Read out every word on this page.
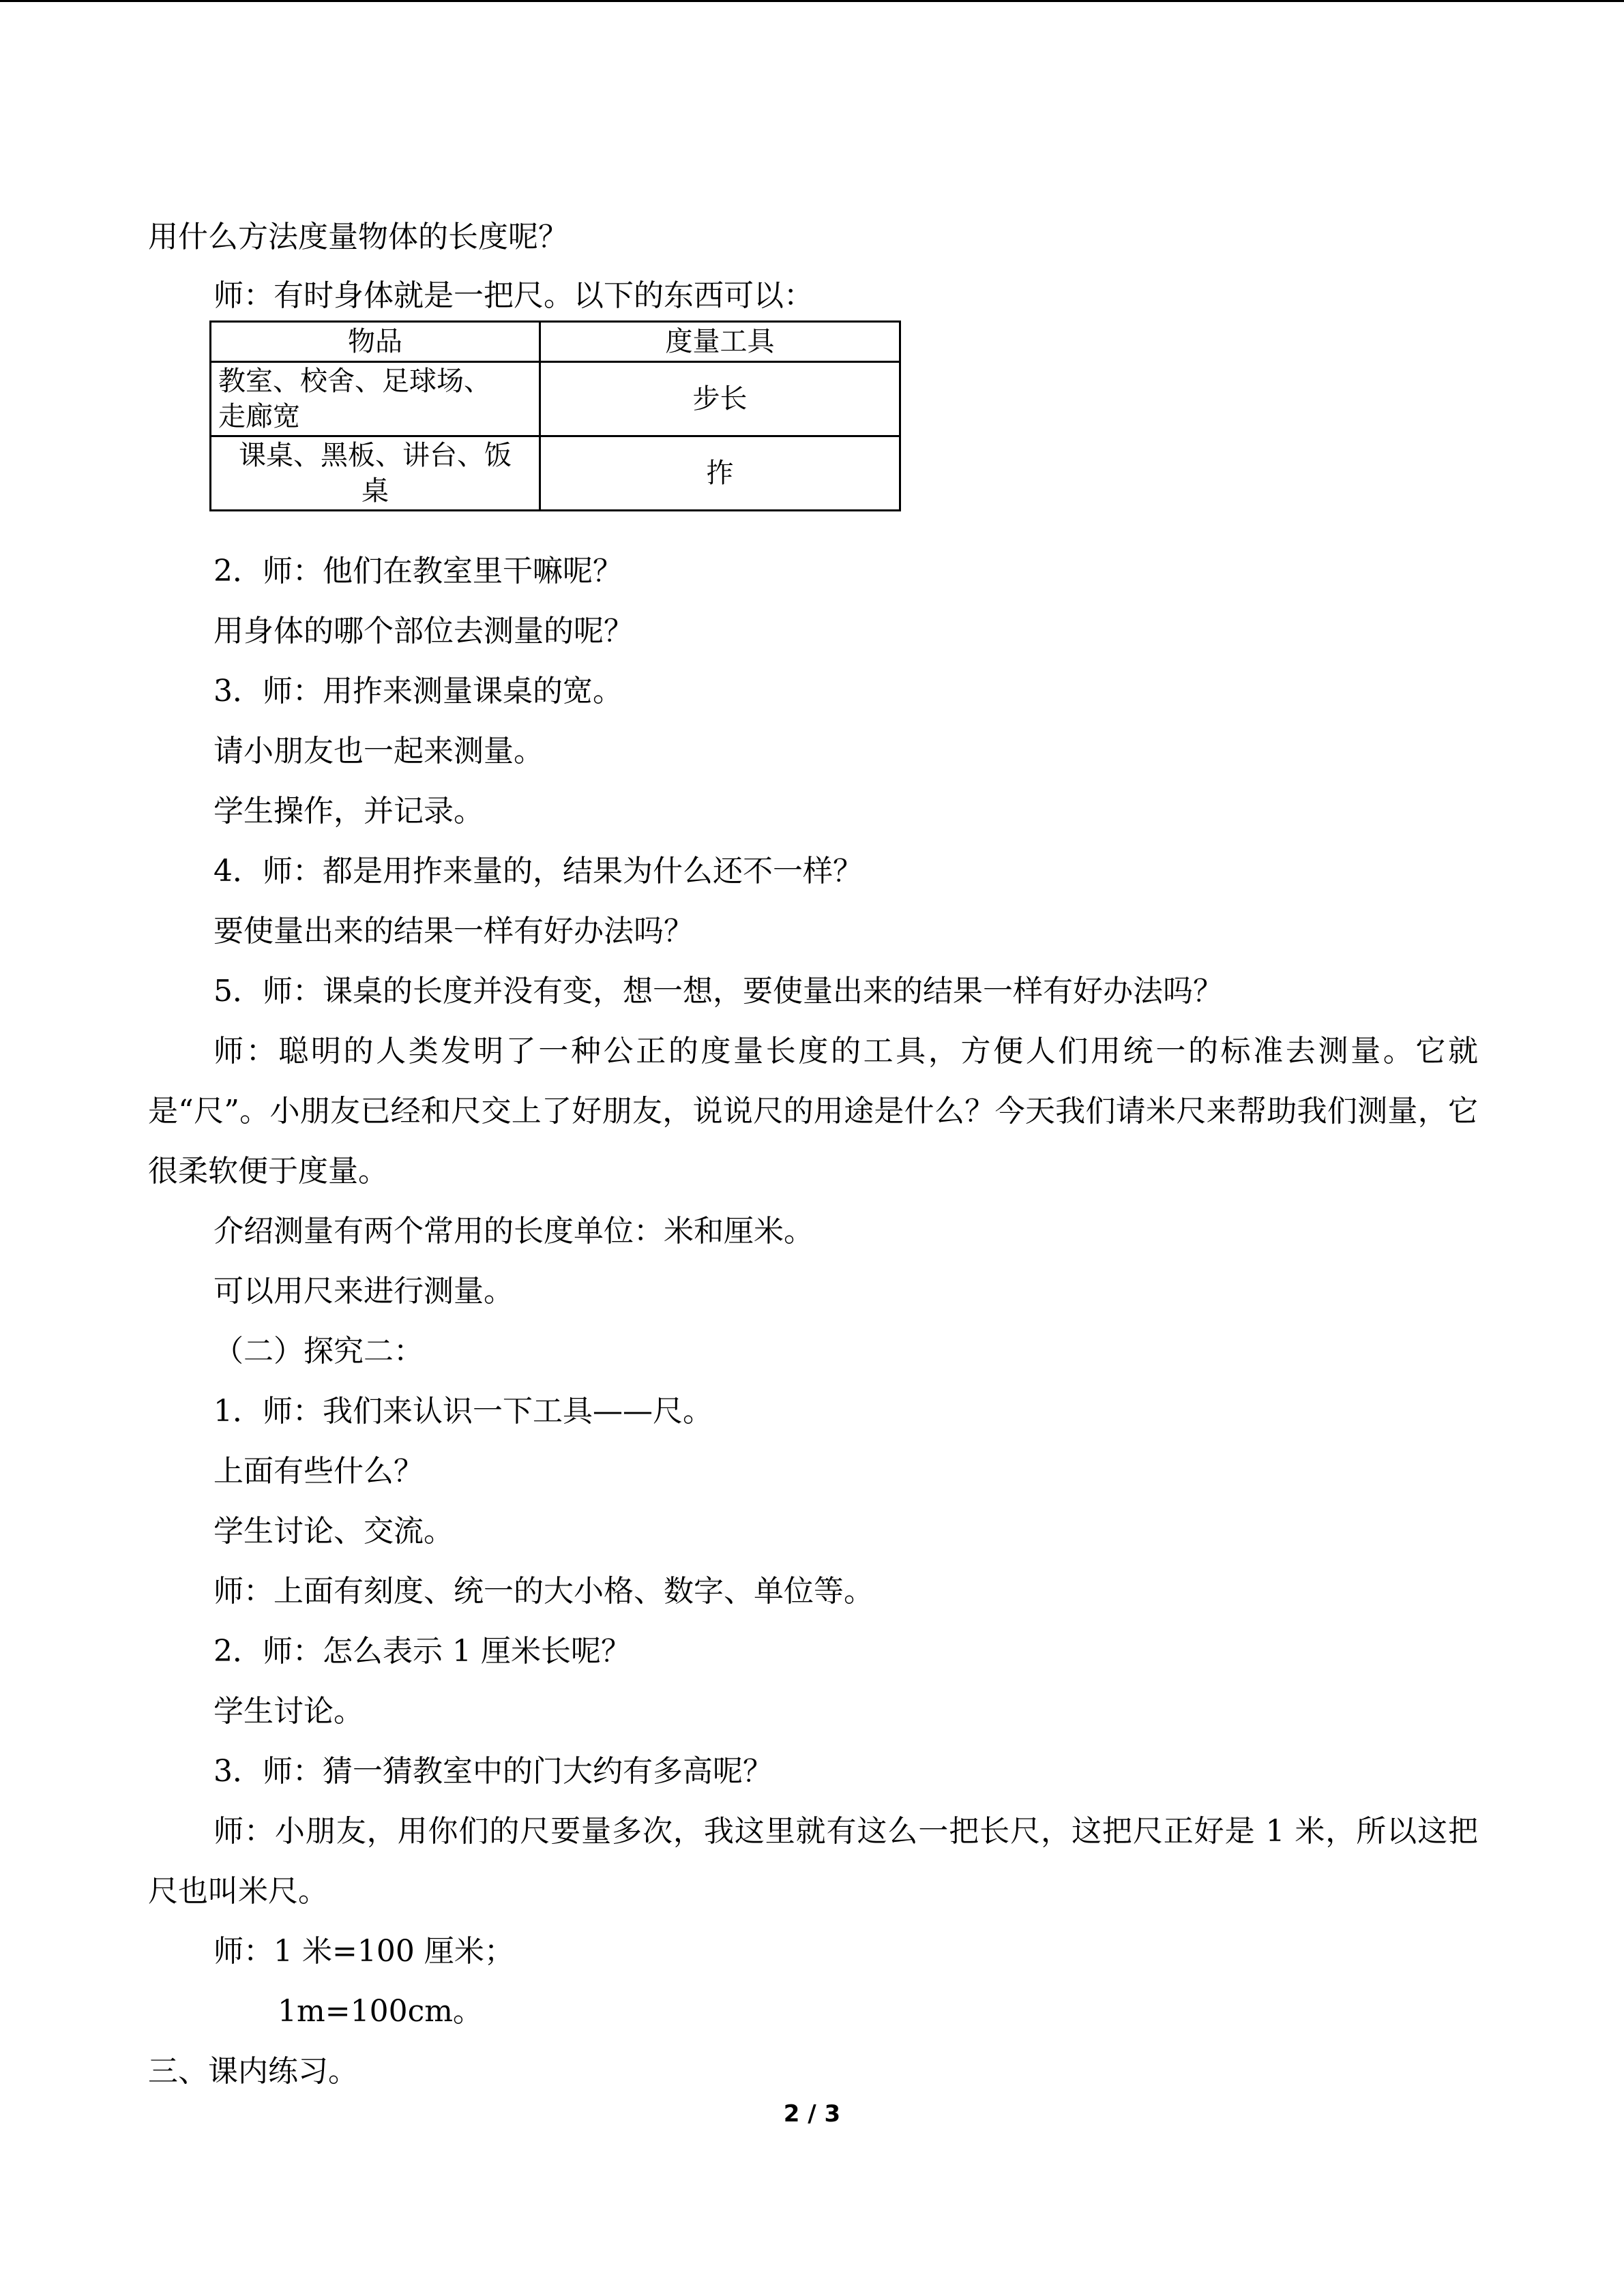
用什么方法度量物体的长度呢？
师：有时身体就是一把尺。以下的东西可以：
物品	度量工具

教室、校舍、足球场、
走廊宽	步长

课桌、黑板、讲台、饭
桌	拃
2．师：他们在教室里干嘛呢？
用身体的哪个部位去测量的呢？
3．师：用拃来测量课桌的宽。
请小朋友也一起来测量。
学生操作，并记录。
4．师：都是用拃来量的，结果为什么还不一样？
要使量出来的结果一样有好办法吗？
5．师：课桌的长度并没有变，想一想，要使量出来的结果一样有好办法吗？
师：聪明的人类发明了一种公正的度量长度的工具，方便人们用统一的标准去测量。它就是“尺”。小朋友已经和尺交上了好朋友，说说尺的用途是什么？今天我们请米尺来帮助我们测量，它很柔软便于度量。
介绍测量有两个常用的长度单位：米和厘米。
可以用尺来进行测量。
（二）探究二：
1．师：我们来认识一下工具——尺。
上面有些什么？
学生讨论、交流。
师：上面有刻度、统一的大小格、数字、单位等。
2．师：怎么表示 1 厘米长呢？
学生讨论。
3．师：猜一猜教室中的门大约有多高呢？
师：小朋友，用你们的尺要量多次，我这里就有这么一把长尺，这把尺正好是 1 米，所以这把尺也叫米尺。
师：1 米=100 厘米；
1m=100cm。
三、课内练习。
2 / 3
